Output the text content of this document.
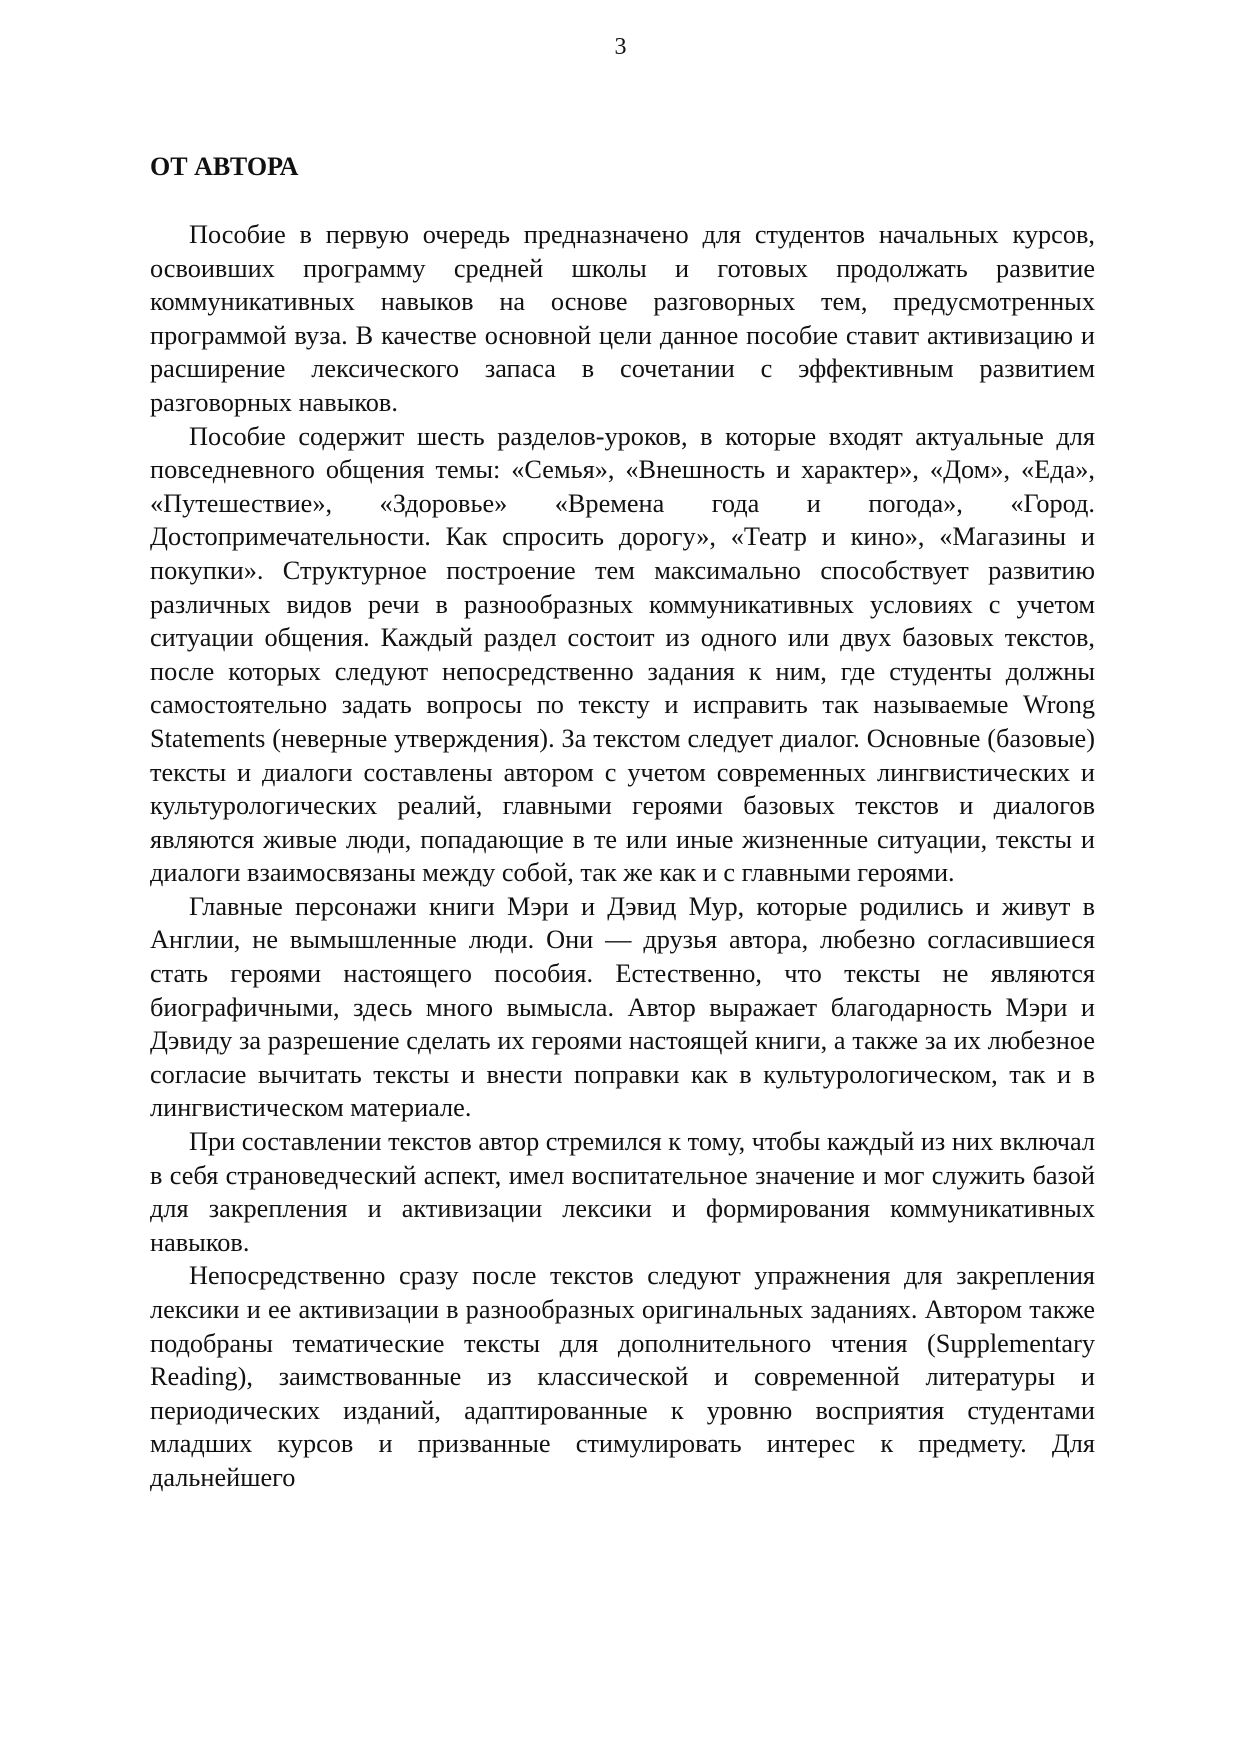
3
ОТ АВТОРА

Пособие в первую очередь предназначено для студентов начальных курсов, освоивших программу средней школы и готовых продолжать развитие коммуникативных навыков на основе разговорных тем, предусмотренных программой вуза. В качестве основной цели данное пособие ставит активизацию и расширение лексического запаса в сочетании с эффективным развитием разговорных навыков.

Пособие содержит шесть разделов-уроков, в которые входят актуальные для повседневного общения темы: «Семья», «Внешность и характер», «Дом», «Еда», «Путешествие», «Здоровье» «Времена года и погода», «Город. Достопримечательности. Как спросить дорогу», «Театр и кино», «Магазины и покупки». Структурное построение тем максимально способствует развитию различных видов речи в разнообразных коммуникативных условиях с учетом ситуации общения. Каждый раздел состоит из одного или двух базовых текстов, после которых следуют непосредственно задания к ним, где студенты должны самостоятельно задать вопросы по тексту и исправить так называемые Wrong Statements (неверные утверждения). За текстом следует диалог. Основные (базовые) тексты и диалоги составлены автором с учетом современных лингвистических и культурологических реалий, главными героями базовых текстов и диалогов являются живые люди, попадающие в те или иные жизненные ситуации, тексты и диалоги взаимосвязаны между собой, так же как и с главными героями.

Главные персонажи книги Мэри и Дэвид Мур, которые родились и живут в Англии, не вымышленные люди. Они — друзья автора, любезно согласившиеся стать героями настоящего пособия. Естественно, что тексты не являются биографичными, здесь много вымысла. Автор выражает благодарность Мэри и Дэвиду за разрешение сделать их героями настоящей книги, а также за их любезное согласие вычитать тексты и внести поправки как в культурологическом, так и в лингвистическом материале.

При составлении текстов автор стремился к тому, чтобы каждый из них включал в себя страноведческий аспект, имел воспитательное значение и мог служить базой для закрепления и активизации лексики и формирования коммуникативных навыков.

Непосредственно сразу после текстов следуют упражнения для закрепления лексики и ее активизации в разнообразных оригинальных заданиях. Автором также подобраны тематические тексты для дополнительного чтения (Supplementary Reading), заимствованные из классической и современной литературы и периодических изданий, адаптированные к уровню восприятия студентами младших курсов и призванные стимулировать интерес к предмету. Для дальнейшего
